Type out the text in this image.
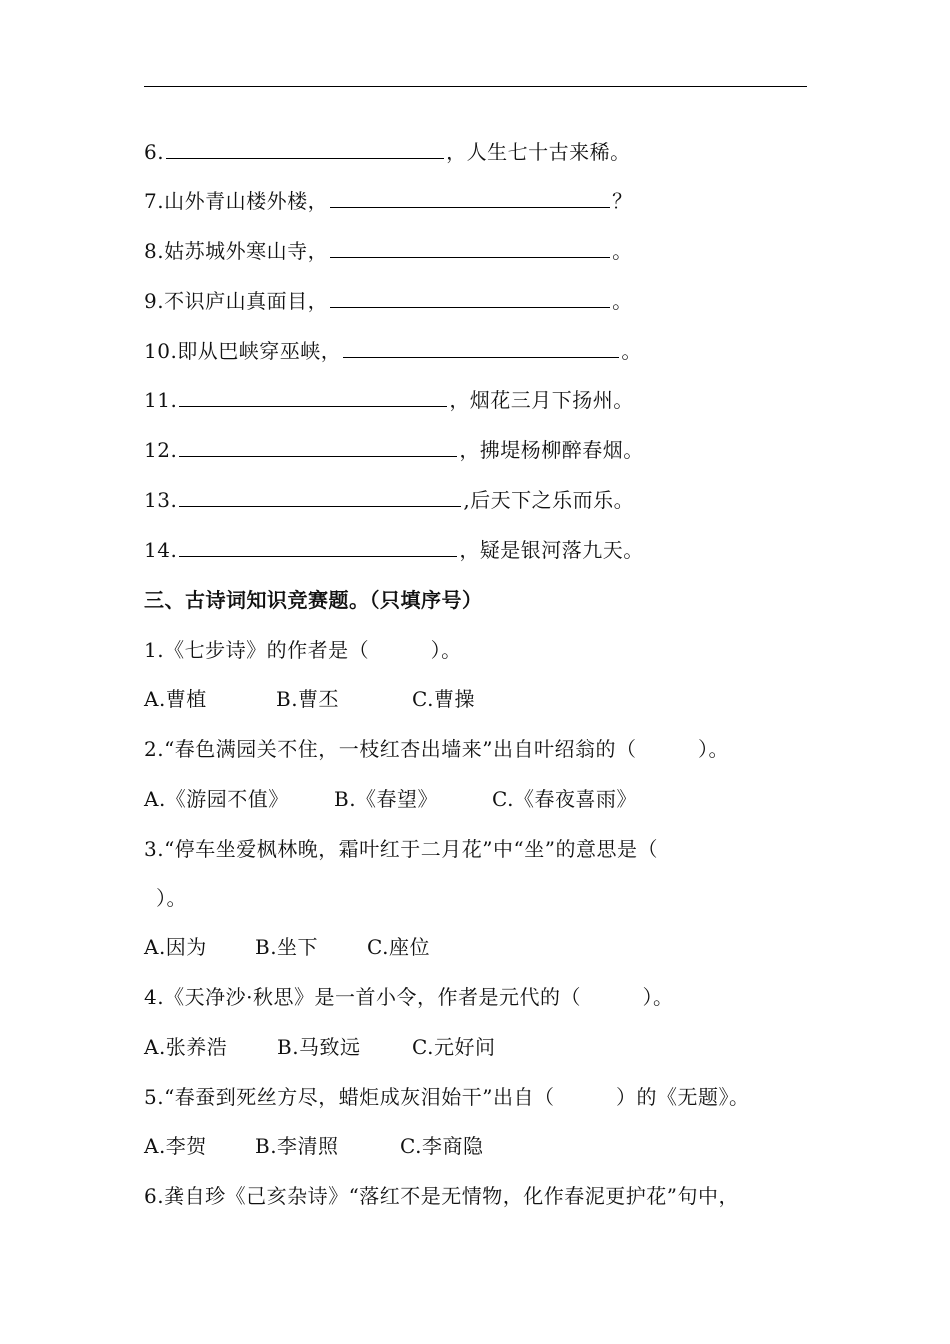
6.	，人生七十古来稀。
7.山外青山楼外楼，	？
8.姑苏城外寒山寺，	。
9.不识庐山真面目，	。
10.即从巴峡穿巫峡，	。
11.	，烟花三月下扬州。
12.	，拂堤杨柳醉春烟。
13.	,后天下之乐而乐。
14.	，疑是银河落九天。
三、古诗词知识竞赛题。（只填序号）
1.《七步诗》的作者是（　　　）。
A.曹植	B.曹丕	C.曹操
2.“春色满园关不住，一枝红杏出墙来”出自叶绍翁的（　　　）。
A.《游园不值》 B.《春望》	C.《春夜喜雨》
3.“停车坐爱枫林晚，霜叶红于二月花”中“坐”的意思是（
）。
A.因为 B.坐下 C.座位
4.《天净沙·秋思》是一首小令，作者是元代的（　　　）。
A.张养浩 B.马致远	C.元好问
5.“春蚕到死丝方尽，蜡炬成灰泪始干”出自（　　　）的《无题》。
A.李贺 B.李清照	C.李商隐
6.龚自珍《己亥杂诗》“落红不是无情物，化作春泥更护花”句中，
